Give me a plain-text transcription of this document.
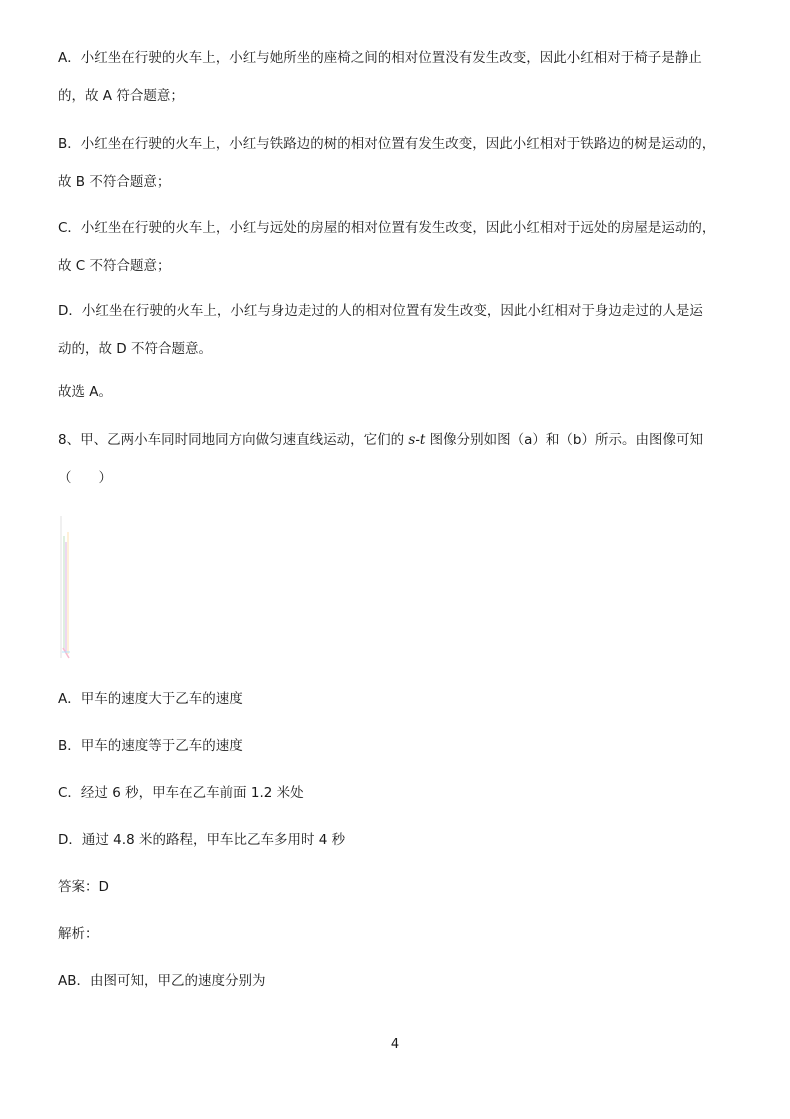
A．小红坐在行驶的火车上，小红与她所坐的座椅之间的相对位置没有发生改变，因此小红相对于椅子是静止
的，故 A 符合题意；
B．小红坐在行驶的火车上，小红与铁路边的树的相对位置有发生改变，因此小红相对于铁路边的树是运动的，
故 B 不符合题意；
C．小红坐在行驶的火车上，小红与远处的房屋的相对位置有发生改变，因此小红相对于远处的房屋是运动的，
故 C 不符合题意；
D．小红坐在行驶的火车上，小红与身边走过的人的相对位置有发生改变，因此小红相对于身边走过的人是运
动的，故 D 不符合题意。
故选 A。
8、甲、乙两小车同时同地同方向做匀速直线运动，它们的 s-t 图像分别如图（a）和（b）所示。由图像可知
（　　）
A．甲车的速度大于乙车的速度
B．甲车的速度等于乙车的速度
C．经过 6 秒，甲车在乙车前面 1.2 米处
D．通过 4.8 米的路程，甲车比乙车多用时 4 秒
答案：D
解析：
AB．由图可知，甲乙的速度分别为
4
